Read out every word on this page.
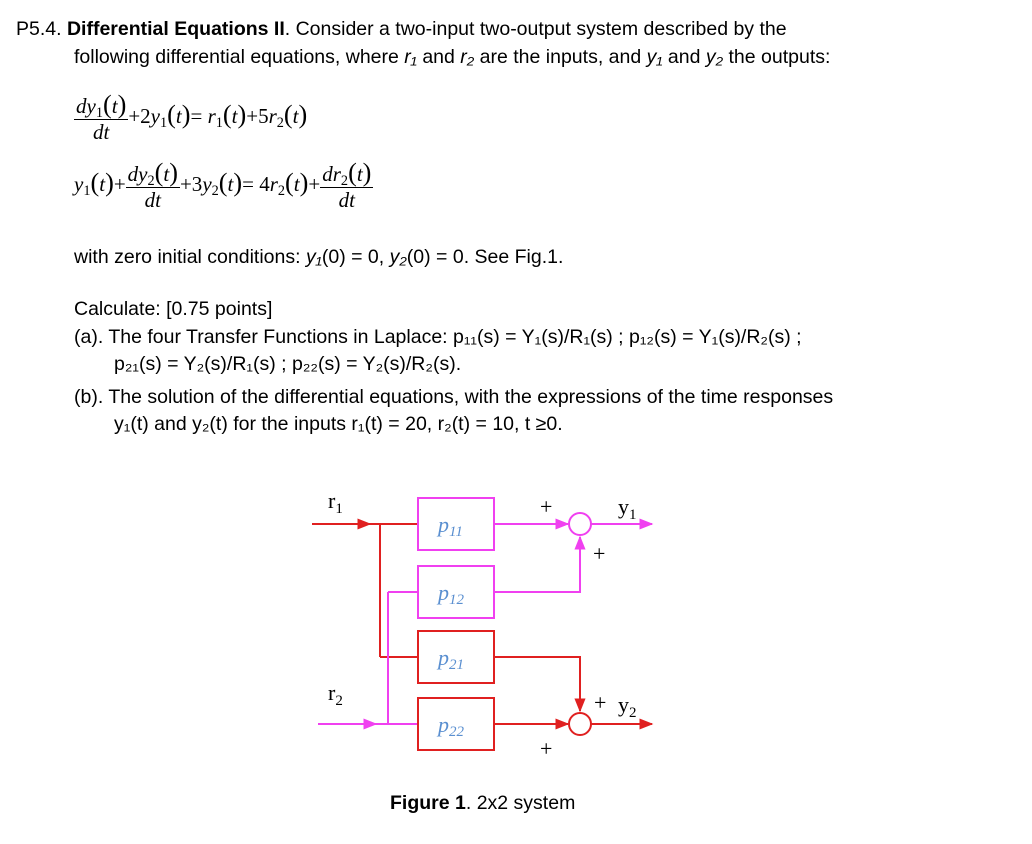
P5.4. Differential Equations II. Consider a two-input two-output system described by the
following differential equations, where r₁ and r₂ are the inputs, and y₁ and y₂ the outputs:
$\frac{dy_1(t)}{dt} +2y_1(t)= r_1(t)+5r_2(t)$
$y_1(t)+ \frac{dy_2(t)}{dt} +3y_2(t)= 4r_2(t)+ \frac{dr_2(t)}{dt}$
with zero initial conditions: y₁(0) = 0, y₂(0) = 0. See Fig.1.
Calculate: [0.75 points]
(a). The four Transfer Functions in Laplace: p₁₁(s) = Y₁(s)/R₁(s) ; p₁₂(s) = Y₁(s)/R₂(s) ;
p₂₁(s) = Y₂(s)/R₁(s) ; p₂₂(s) = Y₂(s)/R₂(s).
(b). The solution of the differential equations, with the expressions of the time responses
y₁(t) and y₂(t) for the inputs r₁(t) = 20, r₂(t) = 10, t ≥0.
p11
p12
p21
p22
$r_1$
$r_2$
$y_1$
$y_2$
+
+
+
+
Figure 1. 2x2 system
